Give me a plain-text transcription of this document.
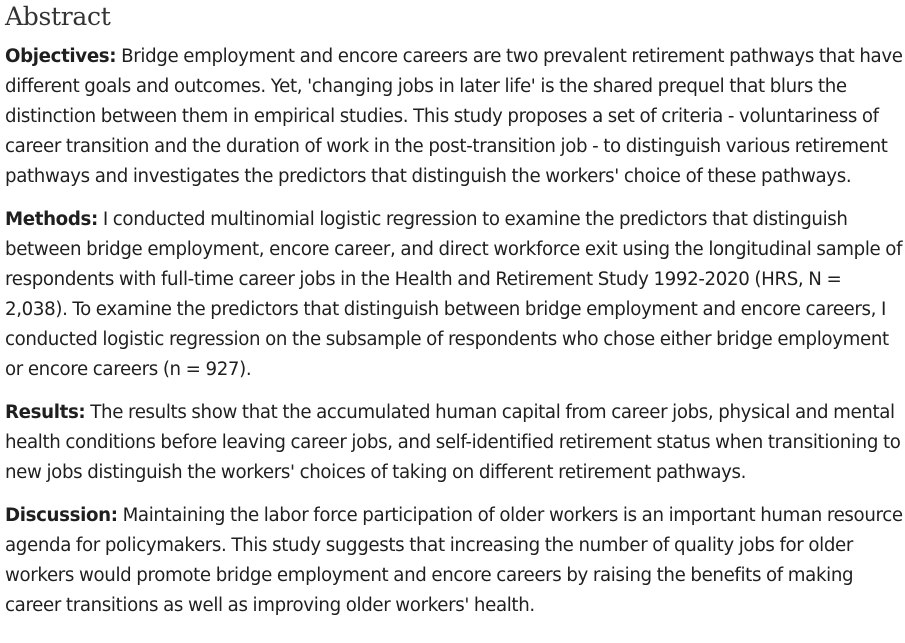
Abstract

Objectives: Bridge employment and encore careers are two prevalent retirement pathways that have different goals and outcomes. Yet, 'changing jobs in later life' is the shared prequel that blurs the distinction between them in empirical studies. This study proposes a set of criteria - voluntariness of career transition and the duration of work in the post-transition job - to distinguish various retirement pathways and investigates the predictors that distinguish the workers' choice of these pathways.

Methods: I conducted multinomial logistic regression to examine the predictors that distinguish between bridge employment, encore career, and direct workforce exit using the longitudinal sample of respondents with full-time career jobs in the Health and Retirement Study 1992-2020 (HRS, N = 2,038). To examine the predictors that distinguish between bridge employment and encore careers, I conducted logistic regression on the subsample of respondents who chose either bridge employment or encore careers (n = 927).

Results: The results show that the accumulated human capital from career jobs, physical and mental health conditions before leaving career jobs, and self-identified retirement status when transitioning to new jobs distinguish the workers' choices of taking on different retirement pathways.

Discussion: Maintaining the labor force participation of older workers is an important human resource agenda for policymakers. This study suggests that increasing the number of quality jobs for older workers would promote bridge employment and encore careers by raising the benefits of making career transitions as well as improving older workers' health.
